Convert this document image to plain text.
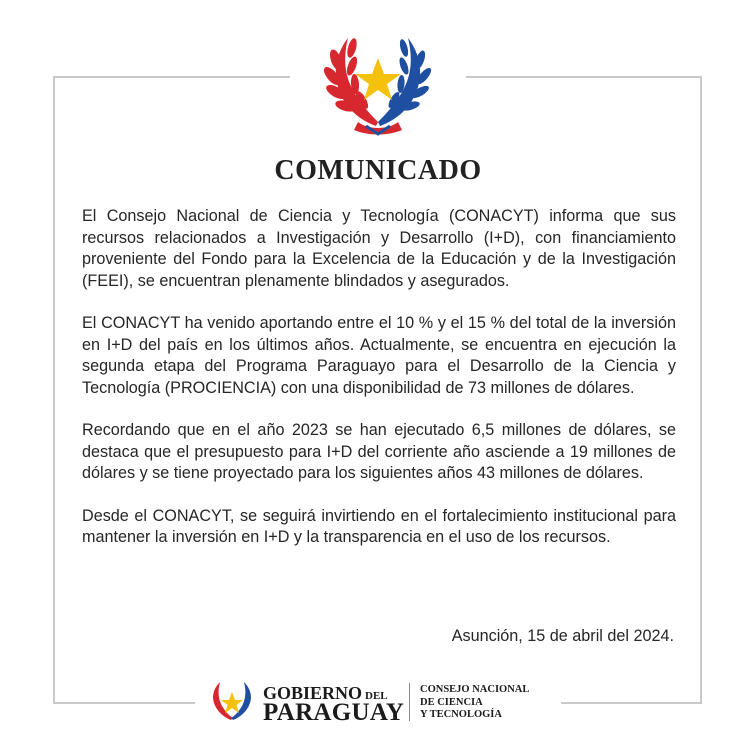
COMUNICADO

El Consejo Nacional de Ciencia y Tecnología (CONACYT) informa que sus recursos relacionados a Investigación y Desarrollo (I+D), con financiamiento proveniente del Fondo para la Excelencia de la Educación y de la Investigación (FEEI), se encuentran plenamente blindados y asegurados.

El CONACYT ha venido aportando entre el 10 % y el 15 % del total de la inversión en I+D del país en los últimos años. Actualmente, se encuentra en ejecución la segunda etapa del Programa Paraguayo para el Desarrollo de la Ciencia y Tecnología (PROCIENCIA) con una disponibilidad de 73 millones de dólares.

Recordando que en el año 2023 se han ejecutado 6,5 millones de dólares, se destaca que el presupuesto para I+D del corriente año asciende a 19 millones de dólares y se tiene proyectado para los siguientes años 43 millones de dólares.

Desde el CONACYT, se seguirá invirtiendo en el fortalecimiento institucional para mantener la inversión en I+D y la transparencia en el uso de los recursos.

Asunción, 15 de abril del 2024.
GOBIERNO DEL
PARAGUAY
CONSEJO NACIONAL
DE CIENCIA
Y TECNOLOGÍA
